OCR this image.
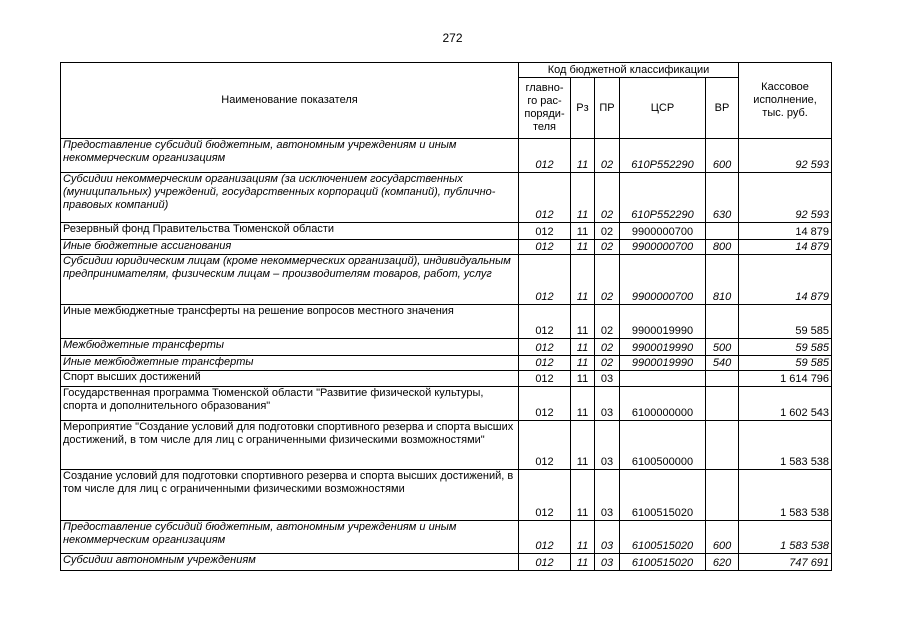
272
Наименование показателя	Код бюджетной классификации					Кассовое исполнение, тыс. руб.
	главно-го рас-поряди-теля	Рз	ПР	ЦСР	ВР	
Предоставление субсидий бюджетным, автономным учреждениям и иным некоммерческим организациям	012	11	02	610P552290	600	92 593
Субсидии некоммерческим организациям (за исключением государственных (муниципальных) учреждений, государственных корпораций (компаний), публично-правовых компаний)	012	11	02	610P552290	630	92 593
Резервный фонд Правительства Тюменской области	012	11	02	9900000700		14 879
Иные бюджетные ассигнования	012	11	02	9900000700	800	14 879
Субсидии юридическим лицам (кроме некоммерческих организаций), индивидуальным предпринимателям, физическим лицам – производителям товаров, работ, услуг	012	11	02	9900000700	810	14 879
Иные межбюджетные трансферты на решение вопросов местного значения	012	11	02	9900019990		59 585
Межбюджетные трансферты	012	11	02	9900019990	500	59 585
Иные межбюджетные трансферты	012	11	02	9900019990	540	59 585
Спорт высших достижений	012	11	03			1 614 796
Государственная программа Тюменской области "Развитие физической культуры, спорта и дополнительного образования"	012	11	03	6100000000		1 602 543
Мероприятие "Создание условий для подготовки спортивного резерва и спорта высших достижений, в том числе для лиц с ограниченными физическими возможностями"	012	11	03	6100500000		1 583 538
Создание условий для подготовки спортивного резерва и спорта высших достижений, в том числе для лиц с ограниченными физическими возможностями	012	11	03	6100515020		1 583 538
Предоставление субсидий бюджетным, автономным учреждениям и иным некоммерческим организациям	012	11	03	6100515020	600	1 583 538
Субсидии автономным учреждениям	012	11	03	6100515020	620	747 691
